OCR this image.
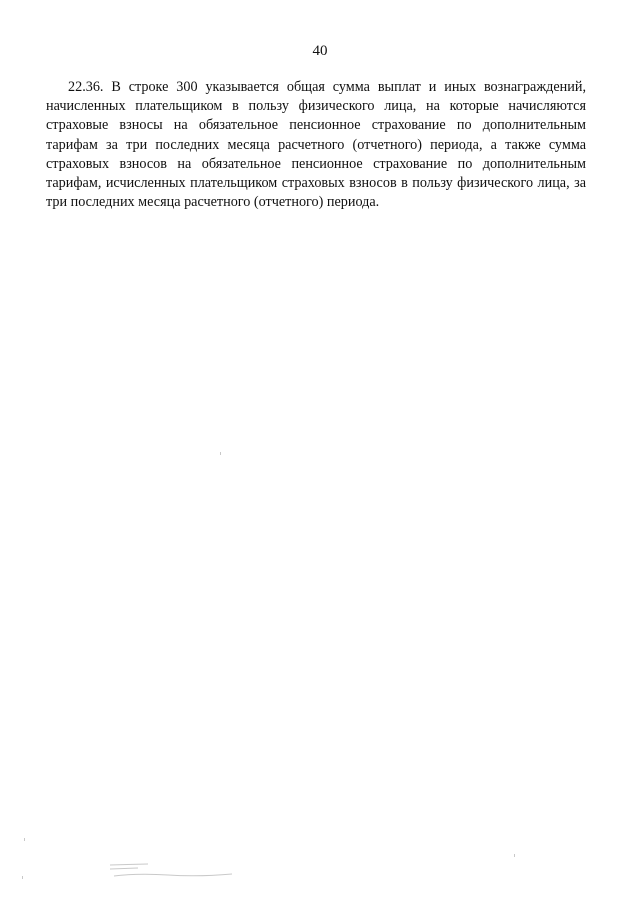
40

22.36. В строке 300 указывается общая сумма выплат и иных вознаграждений, начисленных плательщиком в пользу физического лица, на которые начисляются страховые взносы на обязательное пенсионное страхование по дополнительным тарифам за три последних месяца расчетного (отчетного) периода, а также сумма страховых взносов на обязательное пенсионное страхование по дополнительным тарифам, исчисленных плательщиком страховых взносов в пользу физического лица, за три последних месяца расчетного (отчетного) периода.
